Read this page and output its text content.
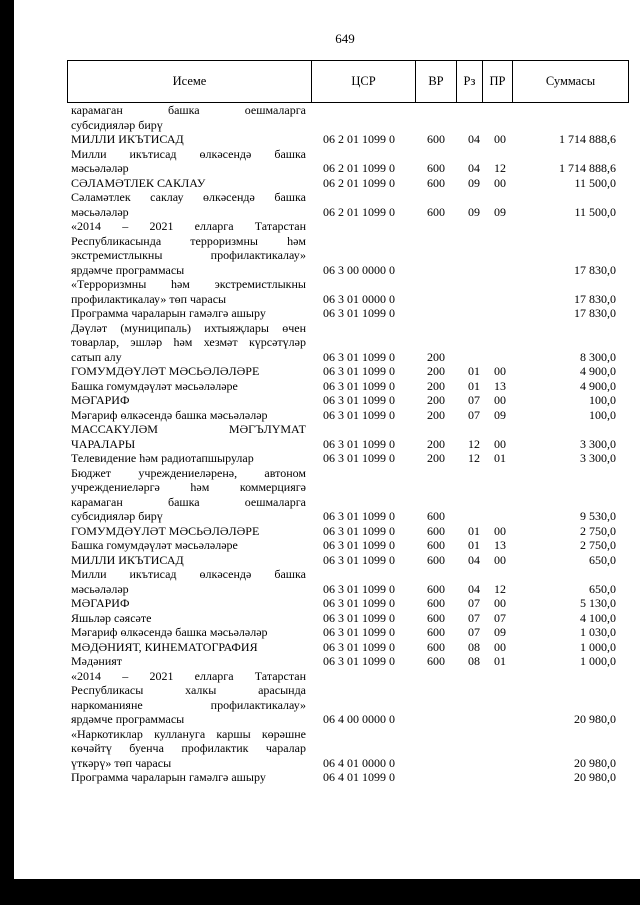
649
Исеме	ЦСР	ВР	Рз	ПР	Суммасы
карамаган башка оешмаларга
субсидияләр бирү
МИЛЛИ ИКЪТИСАД	06 2 01 1099 0	600 04 00	1 714 888,6
Милли икътисад өлкәсендә башка
мәсьәләләр	06 2 01 1099 0	600 04 12	1 714 888,6
СӘЛАМӘТЛЕК САКЛАУ	06 2 01 1099 0	600 09 00	11 500,0
Сәламәтлек саклау өлкәсендә башка
мәсьәләләр	06 2 01 1099 0	600 09 09	11 500,0
«2014 – 2021 елларга Татарстан
Республикасында терроризмны һәм
экстремистлыкны профилактикалау»
ярдәмче программасы	06 3 00 0000 0	17 830,0
«Терроризмны һәм экстремистлыкны
профилактикалау» төп чарасы	06 3 01 0000 0	17 830,0
Программа чараларын гамәлгә ашыру	06 3 01 1099 0	17 830,0
Дәүләт (муниципаль) ихтыяҗлары өчен
товарлар, эшләр һәм хезмәт күрсәтүләр
сатып алу	06 3 01 1099 0	200	8 300,0
ГОМУМДӘҮЛӘТ МӘСЬӘЛӘЛӘРЕ	06 3 01 1099 0	200 01 00	4 900,0
Башка гомумдәүләт мәсьәләләре	06 3 01 1099 0	200 01 13	4 900,0
МӘГАРИФ	06 3 01 1099 0	200 07 00	100,0
Мәгариф өлкәсендә башка мәсьәләләр	06 3 01 1099 0	200 07 09	100,0
МАССАКҮЛӘМ МӘГЪЛҮМАТ
ЧАРАЛАРЫ	06 3 01 1099 0	200 12 00	3 300,0
Телевидение һәм радиотапшырулар	06 3 01 1099 0	200 12 01	3 300,0
Бюджет учреждениеләренә, автоном
учреждениеләргә һәм коммерциягә
карамаган башка оешмаларга
субсидияләр бирү	06 3 01 1099 0	600	9 530,0
ГОМУМДӘҮЛӘТ МӘСЬӘЛӘЛӘРЕ	06 3 01 1099 0	600 01 00	2 750,0
Башка гомумдәүләт мәсьәләләре	06 3 01 1099 0	600 01 13	2 750,0
МИЛЛИ ИКЪТИСАД	06 3 01 1099 0	600 04 00	650,0
Милли икътисад өлкәсендә башка
мәсьәләләр	06 3 01 1099 0	600 04 12	650,0
МӘГАРИФ	06 3 01 1099 0	600 07 00	5 130,0
Яшьләр сәясәте	06 3 01 1099 0	600 07 07	4 100,0
Мәгариф өлкәсендә башка мәсьәләләр	06 3 01 1099 0	600 07 09	1 030,0
МӘДӘНИЯТ, КИНЕМАТОГРАФИЯ	06 3 01 1099 0	600 08 00	1 000,0
Мәдәният	06 3 01 1099 0	600 08 01	1 000,0
«2014 – 2021 елларга Татарстан
Республикасы халкы арасында
наркоманияне профилактикалау»
ярдәмче программасы	06 4 00 0000 0	20 980,0
«Наркотиклар куллануга каршы көрәшне
көчәйтү буенча профилактик чаралар
үткәрү» төп чарасы	06 4 01 0000 0	20 980,0
Программа чараларын гамәлгә ашыру	06 4 01 1099 0	20 980,0
